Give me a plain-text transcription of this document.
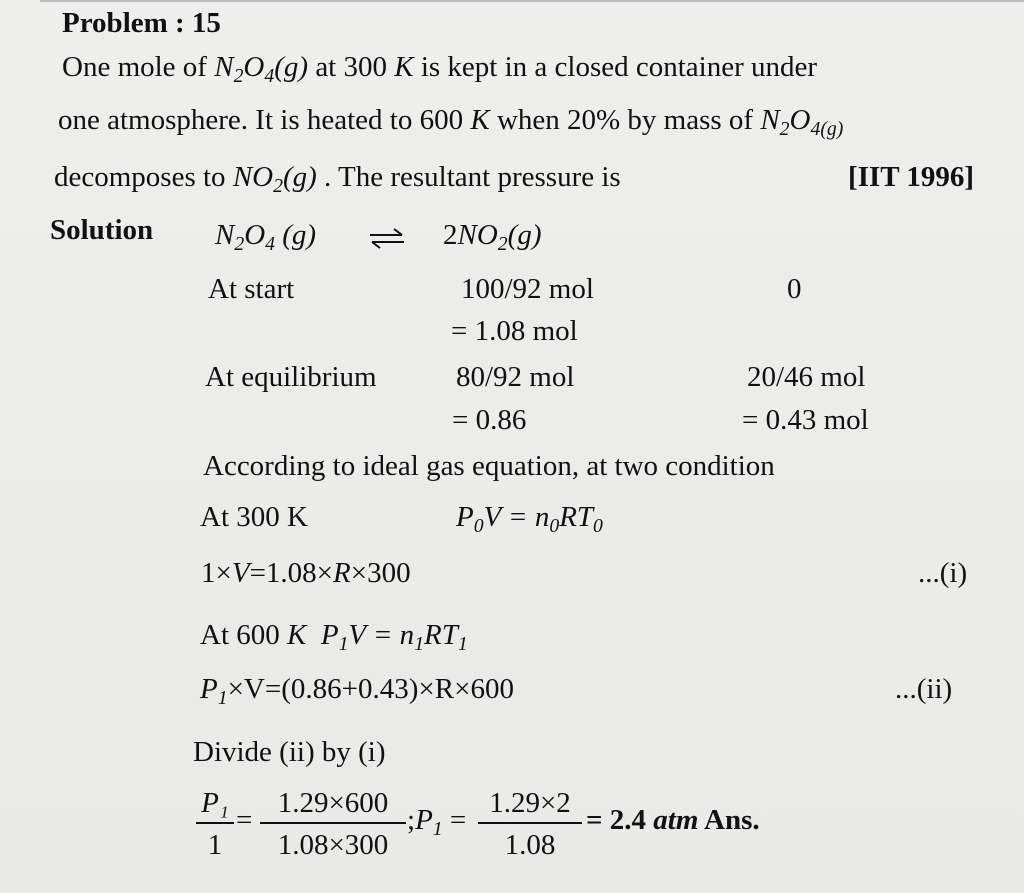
Problem : 15
One mole of $N_2O_4(g)$ at 300 K is kept in a closed container under
one atmosphere. It is heated to 600 K when 20% by mass of $N_2O_{4(g)}$
decomposes to $NO_2(g)$ . The resultant pressure is	[IIT 1996]
Solution $N_2O_4$ (g)	$2NO_2(g)$
At start	100/92 mol	0
= 1.08 mol
At equilibrium	80/92 mol	20/46 mol
= 0.86	= 0.43 mol
According to ideal gas equation, at two condition
At 300 K	$P_0V = n_0RT_0$
1×V=1.08×R×300	...(i)
At 600 K $P_1V = n_1RT_1$
$P_1\times V=(0.86+0.43)\times R\times 600$	...(ii)
Divide (ii) by (i)
P₁
1
=
1.29×600
1.08×300
$;P_1$ =
1.29×2
1.08
= 2.4 atm Ans.
